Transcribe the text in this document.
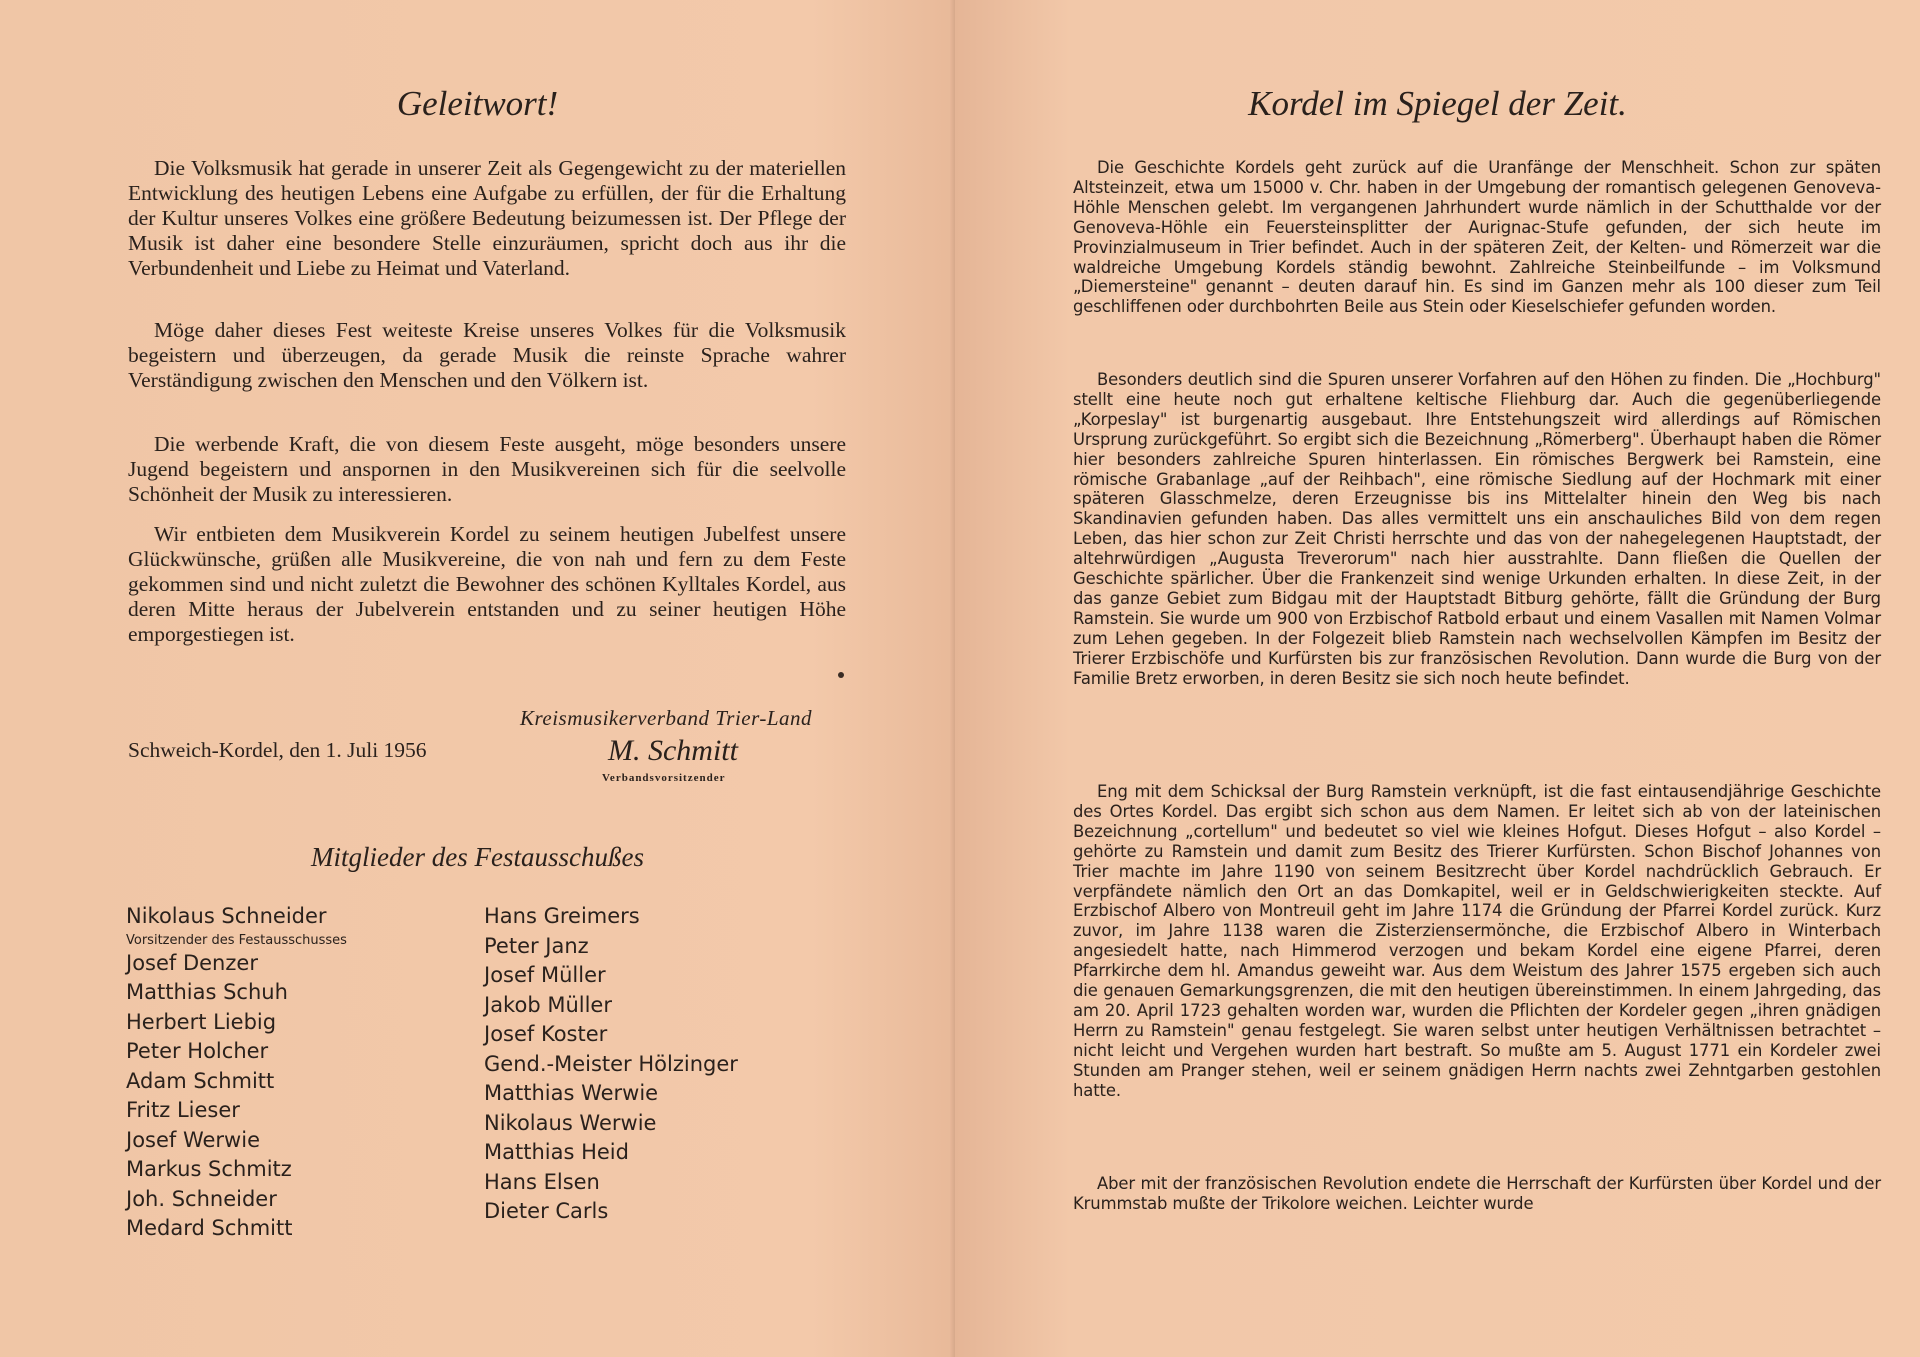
Geleitwort!

Die Volksmusik hat gerade in unserer Zeit als Gegengewicht zu der materiellen Entwicklung des heutigen Lebens eine Aufgabe zu erfüllen, der für die Erhaltung der Kultur unseres Volkes eine größere Bedeutung beizumessen ist. Der Pflege der Musik ist daher eine besondere Stelle einzuräumen, spricht doch aus ihr die Verbundenheit und Liebe zu Heimat und Vaterland.

Möge daher dieses Fest weiteste Kreise unseres Volkes für die Volksmusik begeistern und überzeugen, da gerade Musik die reinste Sprache wahrer Verständigung zwischen den Menschen und den Völkern ist.

Die werbende Kraft, die von diesem Feste ausgeht, möge besonders unsere Jugend begeistern und anspornen in den Musikvereinen sich für die seelvolle Schönheit der Musik zu interessieren.

Wir entbieten dem Musikverein Kordel zu seinem heutigen Jubelfest unsere Glückwünsche, grüßen alle Musikvereine, die von nah und fern zu dem Feste gekommen sind und nicht zuletzt die Bewohner des schönen Kylltales Kordel, aus deren Mitte heraus der Jubelverein entstanden und zu seiner heutigen Höhe emporgestiegen ist.

Schweich-Kordel, den 1. Juli 1956
Kreismusikerverband Trier-Land
M. Schmitt
Verbandsvorsitzender
Mitglieder des Festausschußes
Nikolaus Schneider
Vorsitzender des Festausschusses
Josef Denzer
Matthias Schuh
Herbert Liebig
Peter Holcher
Adam Schmitt
Fritz Lieser
Josef Werwie
Markus Schmitz
Joh. Schneider
Medard Schmitt
Hans Greimers
Peter Janz
Josef Müller
Jakob Müller
Josef Koster
Gend.-Meister Hölzinger
Matthias Werwie
Nikolaus Werwie
Matthias Heid
Hans Elsen
Dieter Carls
Kordel im Spiegel der Zeit.

Die Geschichte Kordels geht zurück auf die Uranfänge der Menschheit. Schon zur späten Altsteinzeit, etwa um 15000 v. Chr. haben in der Umgebung der romantisch gelegenen Genoveva-Höhle Menschen gelebt. Im vergangenen Jahrhundert wurde nämlich in der Schutthalde vor der Genoveva-Höhle ein Feuersteinsplitter der Aurignac-Stufe gefunden, der sich heute im Provinzialmuseum in Trier befindet. Auch in der späteren Zeit, der Kelten- und Römerzeit war die waldreiche Umgebung Kordels ständig bewohnt. Zahlreiche Steinbeilfunde – im Volksmund „Diemersteine" genannt – deuten darauf hin. Es sind im Ganzen mehr als 100 dieser zum Teil geschliffenen oder durchbohrten Beile aus Stein oder Kieselschiefer gefunden worden.

Besonders deutlich sind die Spuren unserer Vorfahren auf den Höhen zu finden. Die „Hochburg" stellt eine heute noch gut erhaltene keltische Fliehburg dar. Auch die gegenüberliegende „Korpeslay" ist burgenartig ausgebaut. Ihre Entstehungszeit wird allerdings auf Römischen Ursprung zurückgeführt. So ergibt sich die Bezeichnung „Römerberg". Überhaupt haben die Römer hier besonders zahlreiche Spuren hinterlassen. Ein römisches Bergwerk bei Ramstein, eine römische Grabanlage „auf der Reihbach", eine römische Siedlung auf der Hochmark mit einer späteren Glasschmelze, deren Erzeugnisse bis ins Mittelalter hinein den Weg bis nach Skandinavien gefunden haben. Das alles vermittelt uns ein anschauliches Bild von dem regen Leben, das hier schon zur Zeit Christi herrschte und das von der nahegelegenen Hauptstadt, der altehrwürdigen „Augusta Treverorum" nach hier ausstrahlte. Dann fließen die Quellen der Geschichte spärlicher. Über die Frankenzeit sind wenige Urkunden erhalten. In diese Zeit, in der das ganze Gebiet zum Bidgau mit der Hauptstadt Bitburg gehörte, fällt die Gründung der Burg Ramstein. Sie wurde um 900 von Erzbischof Ratbold erbaut und einem Vasallen mit Namen Volmar zum Lehen gegeben. In der Folgezeit blieb Ramstein nach wechselvollen Kämpfen im Besitz der Trierer Erzbischöfe und Kurfürsten bis zur französischen Revolution. Dann wurde die Burg von der Familie Bretz erworben, in deren Besitz sie sich noch heute befindet.

Eng mit dem Schicksal der Burg Ramstein verknüpft, ist die fast eintausendjährige Geschichte des Ortes Kordel. Das ergibt sich schon aus dem Namen. Er leitet sich ab von der lateinischen Bezeichnung „cortellum" und bedeutet so viel wie kleines Hofgut. Dieses Hofgut – also Kordel – gehörte zu Ramstein und damit zum Besitz des Trierer Kurfürsten. Schon Bischof Johannes von Trier machte im Jahre 1190 von seinem Besitzrecht über Kordel nachdrücklich Gebrauch. Er verpfändete nämlich den Ort an das Domkapitel, weil er in Geldschwierigkeiten steckte. Auf Erzbischof Albero von Montreuil geht im Jahre 1174 die Gründung der Pfarrei Kordel zurück. Kurz zuvor, im Jahre 1138 waren die Zisterziensermönche, die Erzbischof Albero in Winterbach angesiedelt hatte, nach Himmerod verzogen und bekam Kordel eine eigene Pfarrei, deren Pfarrkirche dem hl. Amandus geweiht war. Aus dem Weistum des Jahrer 1575 ergeben sich auch die genauen Gemarkungsgrenzen, die mit den heutigen übereinstimmen. In einem Jahrgeding, das am 20. April 1723 gehalten worden war, wurden die Pflichten der Kordeler gegen „ihren gnädigen Herrn zu Ramstein" genau festgelegt. Sie waren selbst unter heutigen Verhältnissen betrachtet – nicht leicht und Vergehen wurden hart bestraft. So mußte am 5. August 1771 ein Kordeler zwei Stunden am Pranger stehen, weil er seinem gnädigen Herrn nachts zwei Zehntgarben gestohlen hatte.

Aber mit der französischen Revolution endete die Herrschaft der Kurfürsten über Kordel und der Krummstab mußte der Trikolore weichen. Leichter wurde
